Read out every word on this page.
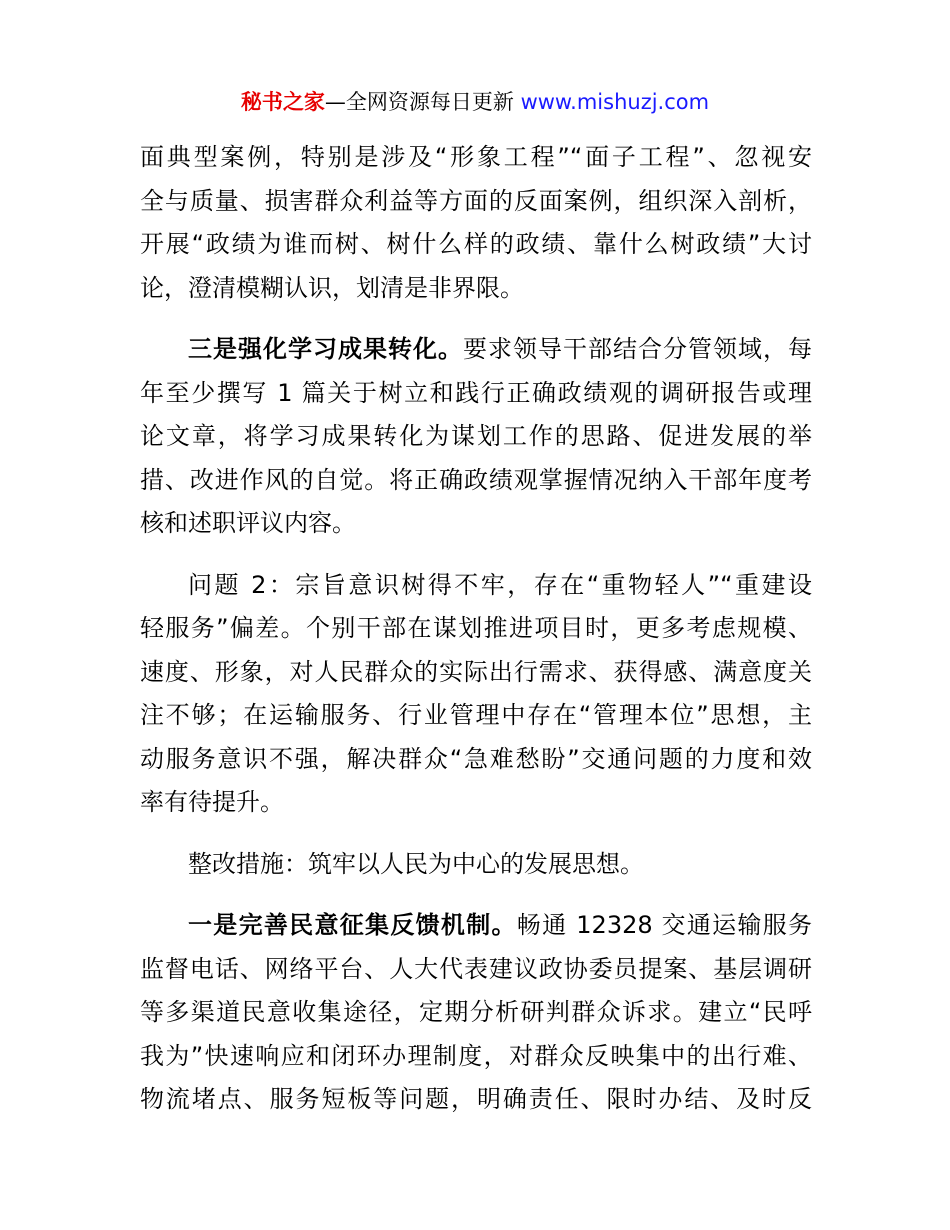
秘书之家—全网资源每日更新 www.mishuzj.com

面典型案例，特别是涉及“形象工程”“面子工程”、忽视安
全与质量、损害群众利益等方面的反面案例，组织深入剖析，
开展“政绩为谁而树、树什么样的政绩、靠什么树政绩”大讨
论，澄清模糊认识，划清是非界限。

三是强化学习成果转化。要求领导干部结合分管领域，每
年至少撰写 1 篇关于树立和践行正确政绩观的调研报告或理
论文章，将学习成果转化为谋划工作的思路、促进发展的举
措、改进作风的自觉。将正确政绩观掌握情况纳入干部年度考
核和述职评议内容。

问题 2：宗旨意识树得不牢，存在“重物轻人”“重建设
轻服务”偏差。个别干部在谋划推进项目时，更多考虑规模、
速度、形象，对人民群众的实际出行需求、获得感、满意度关
注不够；在运输服务、行业管理中存在“管理本位”思想，主
动服务意识不强，解决群众“急难愁盼”交通问题的力度和效
率有待提升。

整改措施：筑牢以人民为中心的发展思想。

一是完善民意征集反馈机制。畅通 12328 交通运输服务
监督电话、网络平台、人大代表建议政协委员提案、基层调研
等多渠道民意收集途径，定期分析研判群众诉求。建立“民呼
我为”快速响应和闭环办理制度，对群众反映集中的出行难、
物流堵点、服务短板等问题，明确责任、限时办结、及时反
